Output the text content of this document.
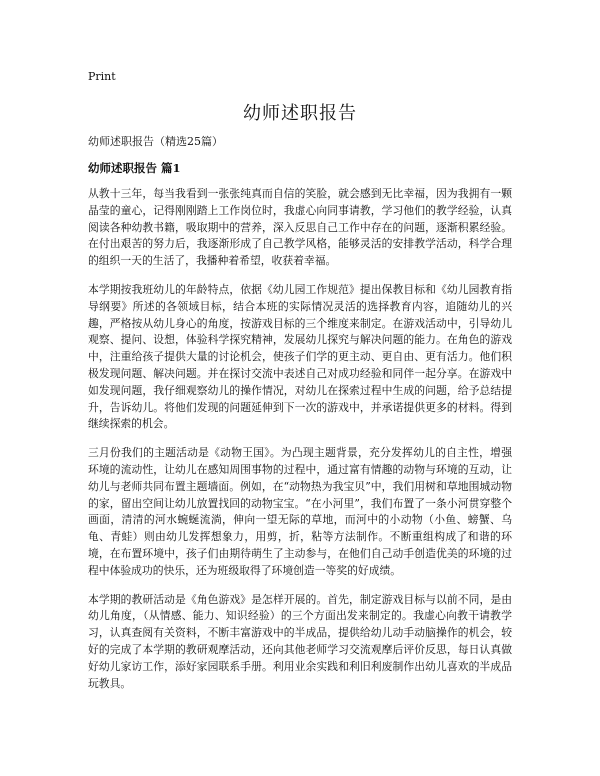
Print
幼师述职报告

幼师述职报告（精选25篇）

幼师述职报告 篇1

从教十三年，每当我看到一张张纯真而自信的笑脸，就会感到无比幸福，因为我拥有一颗晶莹的童心，记得刚刚踏上工作岗位时，我虚心向同事请教，学习他们的教学经验，认真阅读各种幼教书籍，吸取期中的营养，深入反思自己工作中存在的问题，逐渐积累经验。在付出艰苦的努力后，我逐渐形成了自己教学风格，能够灵活的安排教学活动，科学合理的组织一天的生活了，我播种着希望，收获着幸福。

本学期按我班幼儿的年龄特点，依据《幼儿园工作规范》提出保教目标和《幼儿园教育指导纲要》所述的各领域目标，结合本班的实际情况灵活的选择教育内容，追随幼儿的兴趣，严格按从幼儿身心的角度，按游戏目标的三个维度来制定。在游戏活动中，引导幼儿观察、提问、设想，体验科学探究精神，发展幼儿探究与解决问题的能力。在角色的游戏中，注重给孩子提供大量的讨论机会，使孩子们学的更主动、更自由、更有活力。他们积极发现问题、解决问题。并在探讨交流中表述自己对成功经验和同伴一起分享。在游戏中如发现问题，我仔细观察幼儿的操作情况，对幼儿在探索过程中生成的问题，给予总结提升，告诉幼儿。将他们发现的问题延伸到下一次的游戏中，并承诺提供更多的材料。得到继续探索的机会。

三月份我们的主题活动是《动物王国》。为凸现主题背景，充分发挥幼儿的自主性，增强环境的流动性，让幼儿在感知周围事物的过程中，通过富有情趣的动物与环境的互动，让幼儿与老师共同布置主题墙面。例如，在“动物热为我宝贝”中，我们用树和草地围城动物的家，留出空间让幼儿放置找回的动物宝宝。“在小河里”，我们布置了一条小河贯穿整个画面，清清的河水蜿蜒流淌，伸向一望无际的草地，而河中的小动物（小鱼、螃蟹、乌龟、青蛙）则由幼儿发挥想象力，用剪，折，粘等方法制作。不断重组构成了和谐的环境，在布置环境中，孩子们由期待萌生了主动参与，在他们自己动手创造优美的环境的过程中体验成功的快乐，还为班级取得了环境创造一等奖的好成绩。

本学期的教研活动是《角色游戏》是怎样开展的。首先，制定游戏目标与以前不同，是由幼儿角度，（从情感、能力、知识经验）的三个方面出发来制定的。我虚心向教干请教学习，认真查阅有关资料，不断丰富游戏中的半成品，提供给幼儿动手动脑操作的机会，较好的完成了本学期的教研观摩活动，还向其他老师学习交流观摩后评价反思，每日认真做好幼儿家访工作，添好家园联系手册。利用业余实践和利旧利废制作出幼儿喜欢的半成品玩教具。
